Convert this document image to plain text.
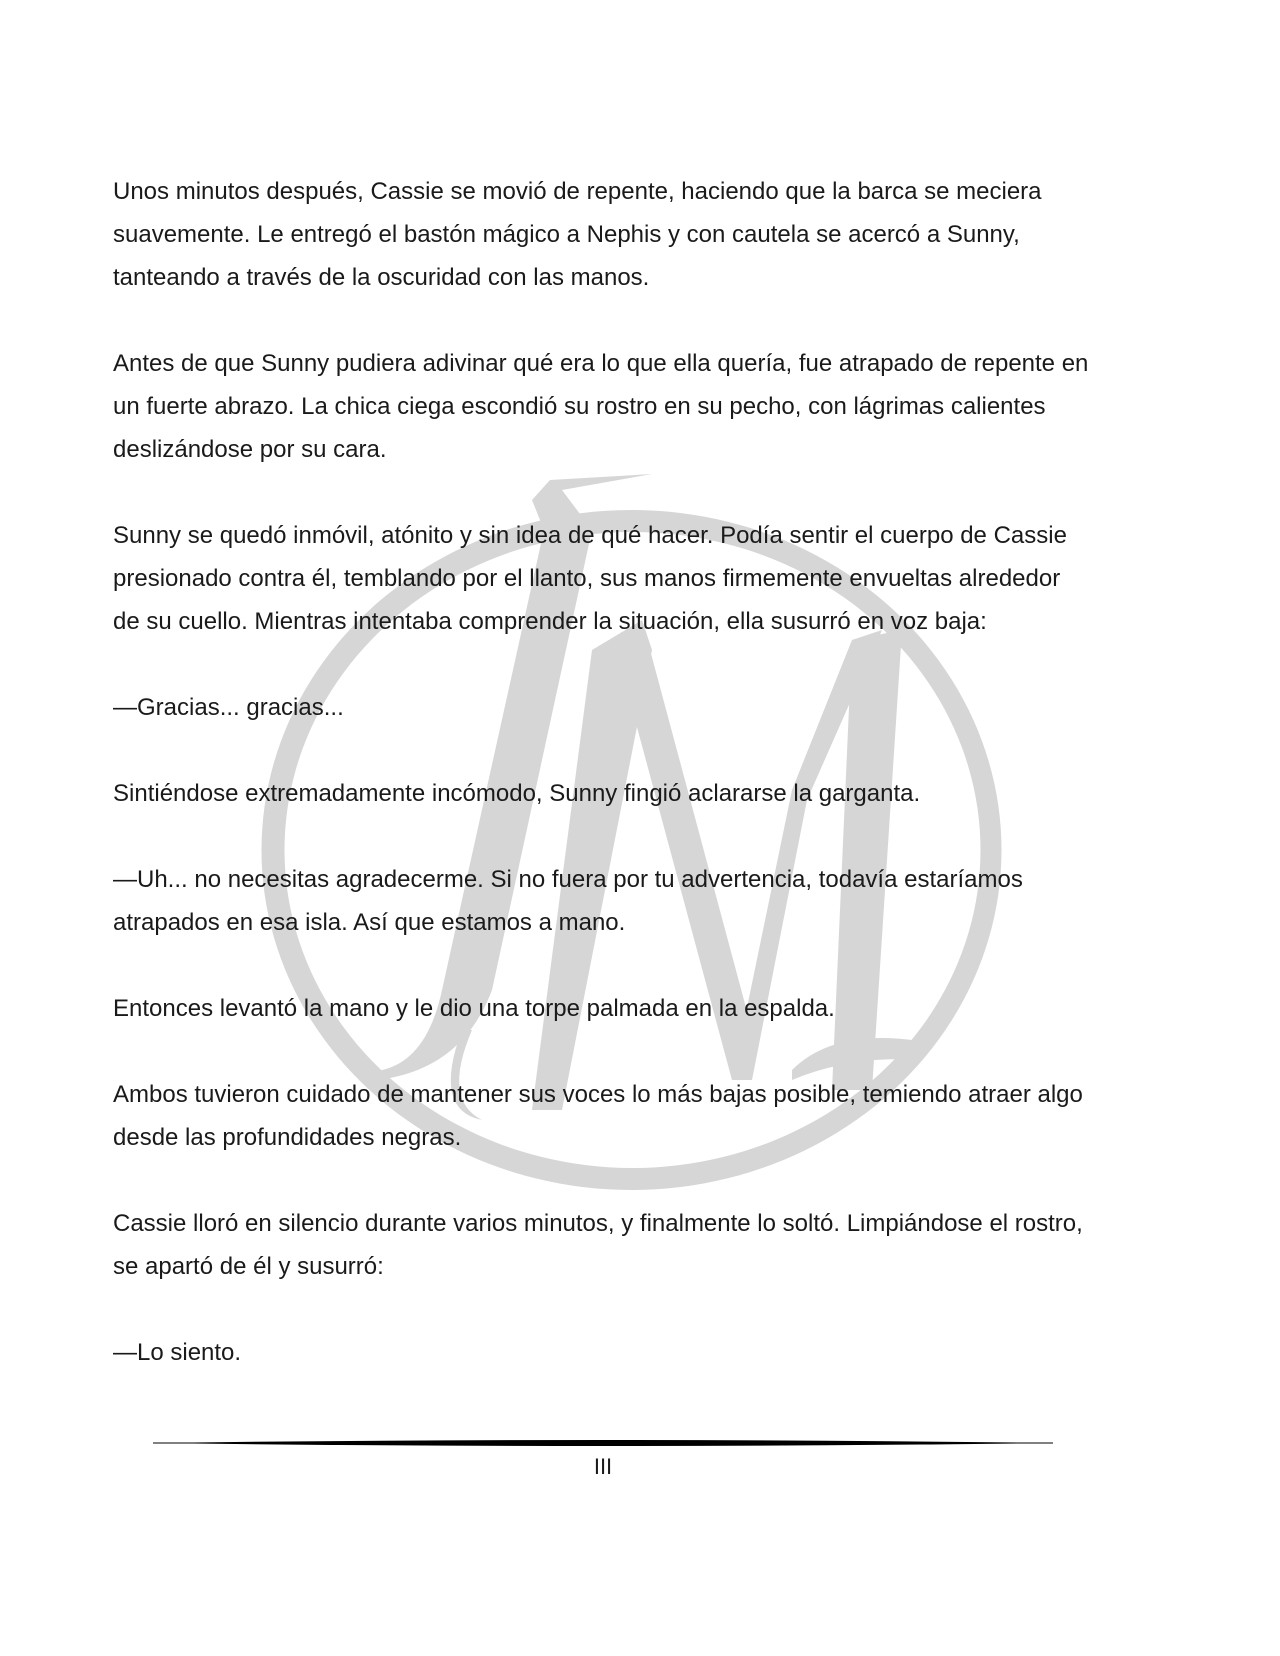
Unos minutos después, Cassie se movió de repente, haciendo que la barca se meciera suavemente. Le entregó el bastón mágico a Nephis y con cautela se acercó a Sunny, tanteando a través de la oscuridad con las manos.

Antes de que Sunny pudiera adivinar qué era lo que ella quería, fue atrapado de repente en un fuerte abrazo. La chica ciega escondió su rostro en su pecho, con lágrimas calientes deslizándose por su cara.

Sunny se quedó inmóvil, atónito y sin idea de qué hacer. Podía sentir el cuerpo de Cassie presionado contra él, temblando por el llanto, sus manos firmemente envueltas alrededor de su cuello. Mientras intentaba comprender la situación, ella susurró en voz baja:

—Gracias... gracias...

Sintiéndose extremadamente incómodo, Sunny fingió aclararse la garganta.

—Uh... no necesitas agradecerme. Si no fuera por tu advertencia, todavía estaríamos atrapados en esa isla. Así que estamos a mano.

Entonces levantó la mano y le dio una torpe palmada en la espalda.

Ambos tuvieron cuidado de mantener sus voces lo más bajas posible, temiendo atraer algo desde las profundidades negras.

Cassie lloró en silencio durante varios minutos, y finalmente lo soltó. Limpiándose el rostro, se apartó de él y susurró:

—Lo siento.

III
